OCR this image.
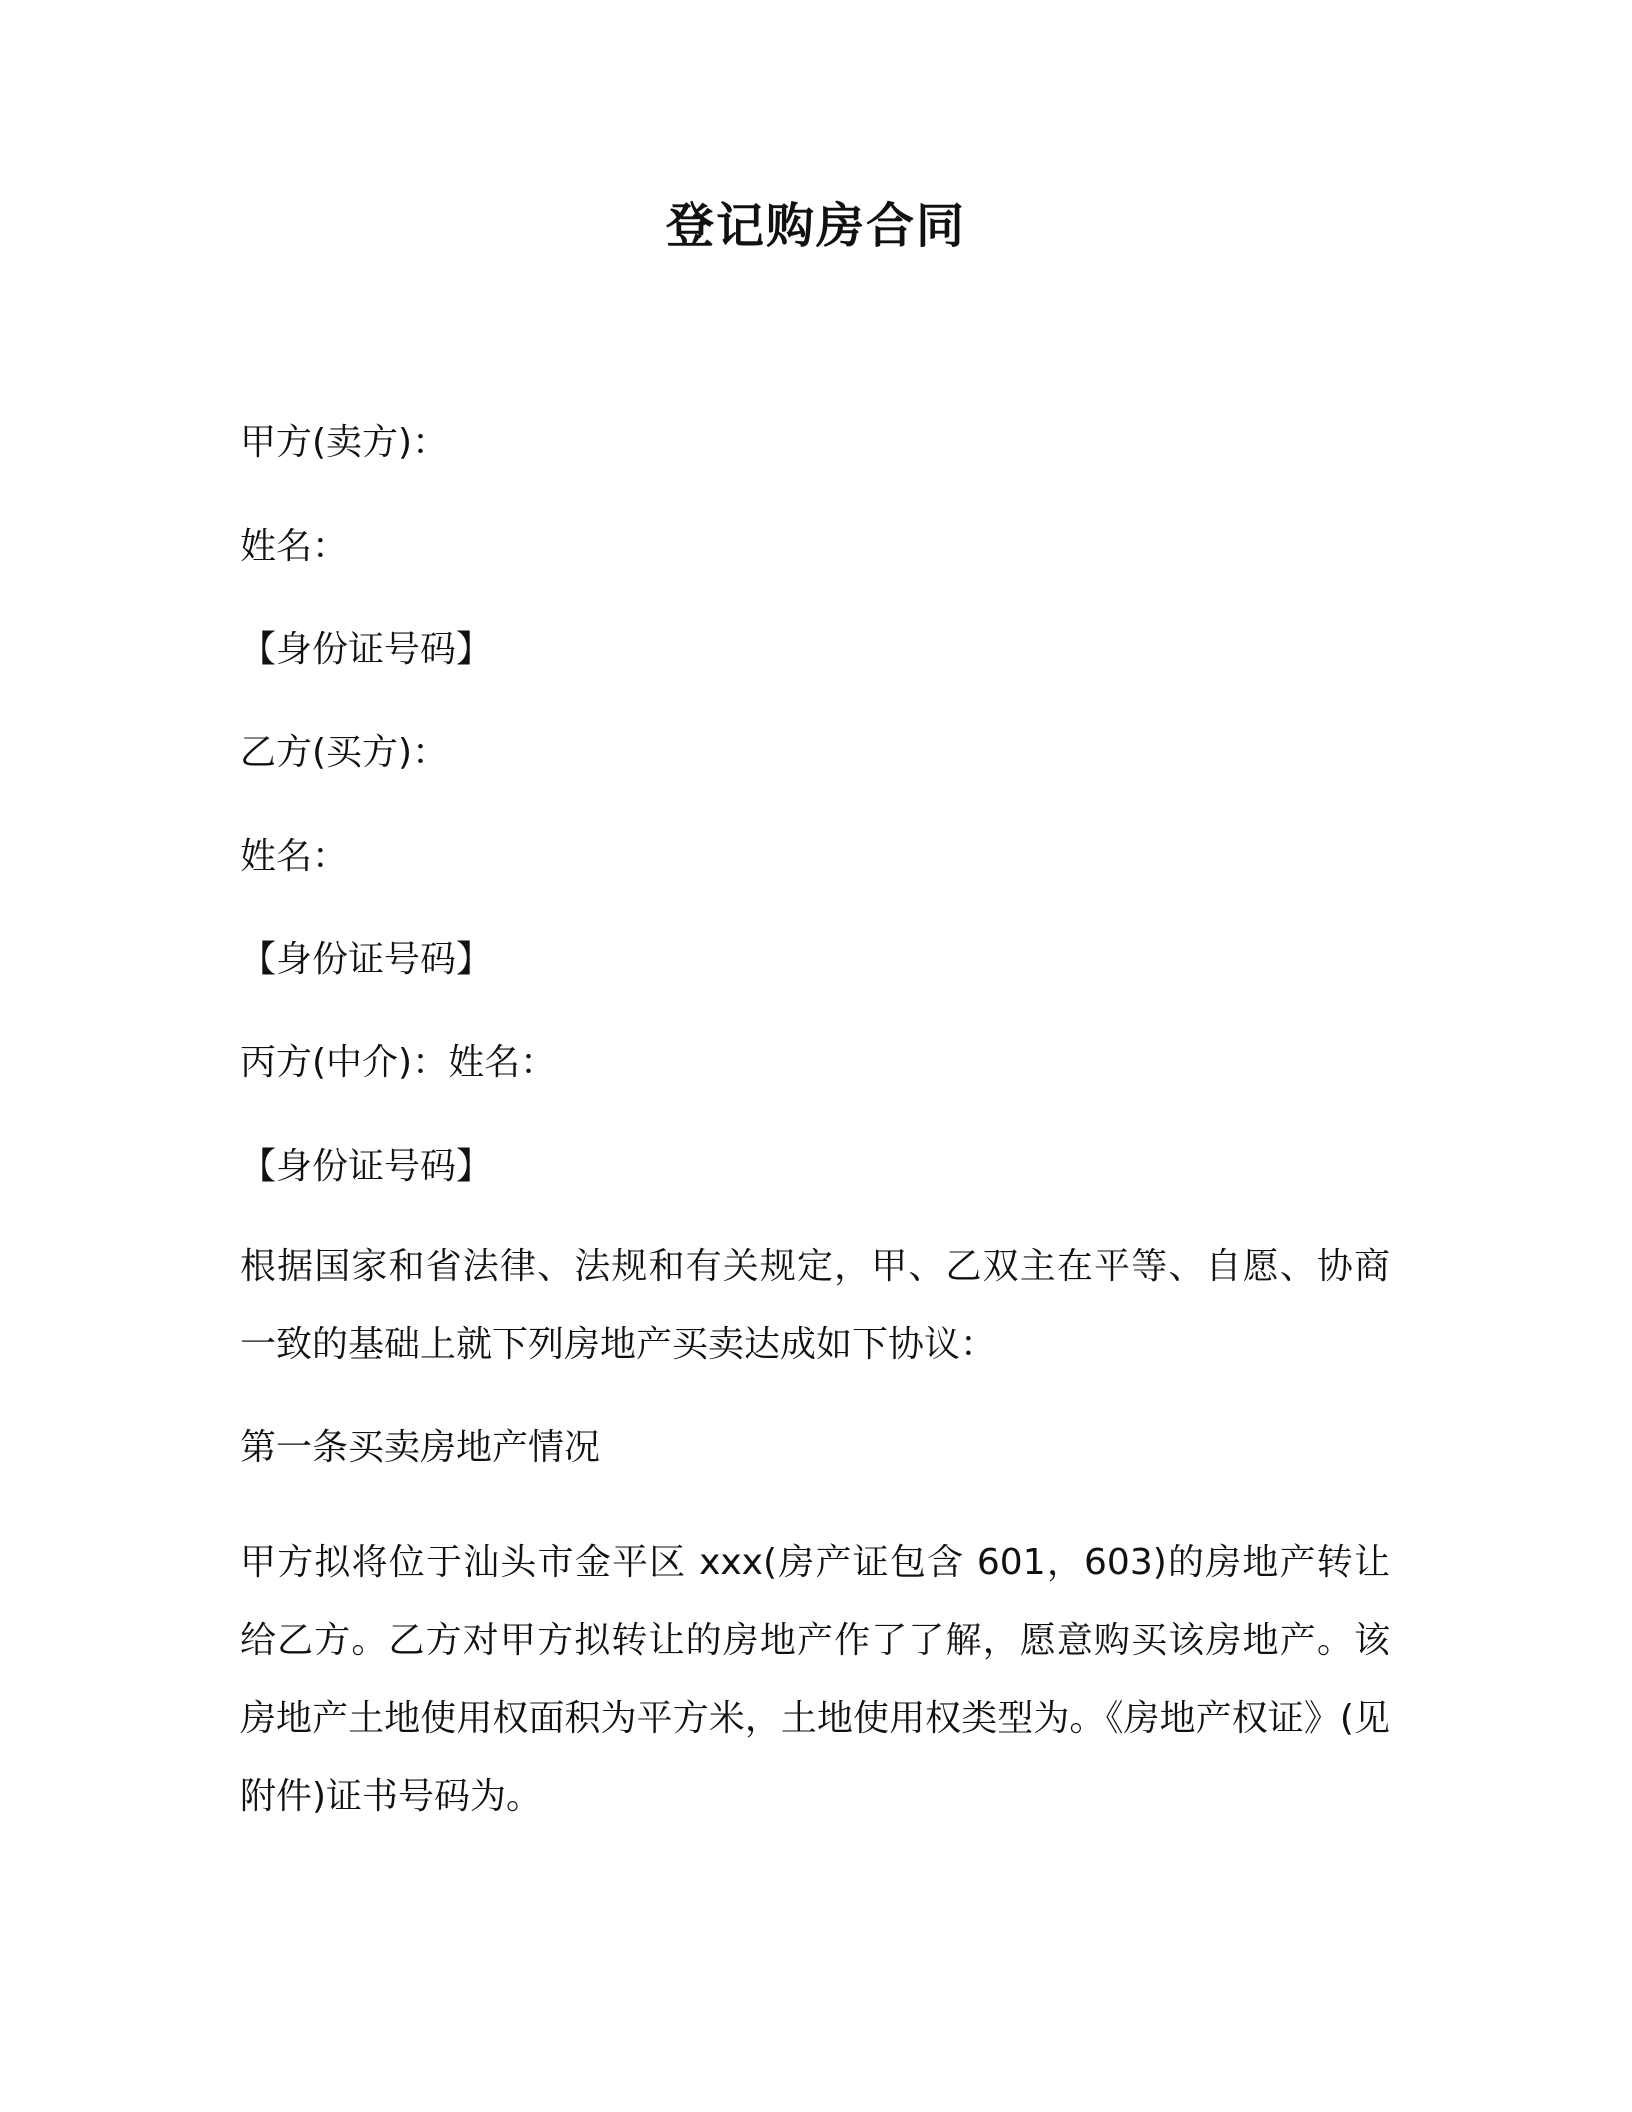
登记购房合同
甲方(卖方)：
姓名：
【身份证号码】
乙方(买方)：
姓名：
【身份证号码】
丙方(中介)：姓名：
【身份证号码】
根据国家和省法律、法规和有关规定，甲、乙双主在平等、自愿、协商一致的基础上就下列房地产买卖达成如下协议：
第一条买卖房地产情况
甲方拟将位于汕头市金平区 xxx(房产证包含 601，603)的房地产转让给乙方。乙方对甲方拟转让的房地产作了了解，愿意购买该房地产。该房地产土地使用权面积为平方米，土地使用权类型为。《房地产权证》(见附件)证书号码为。
